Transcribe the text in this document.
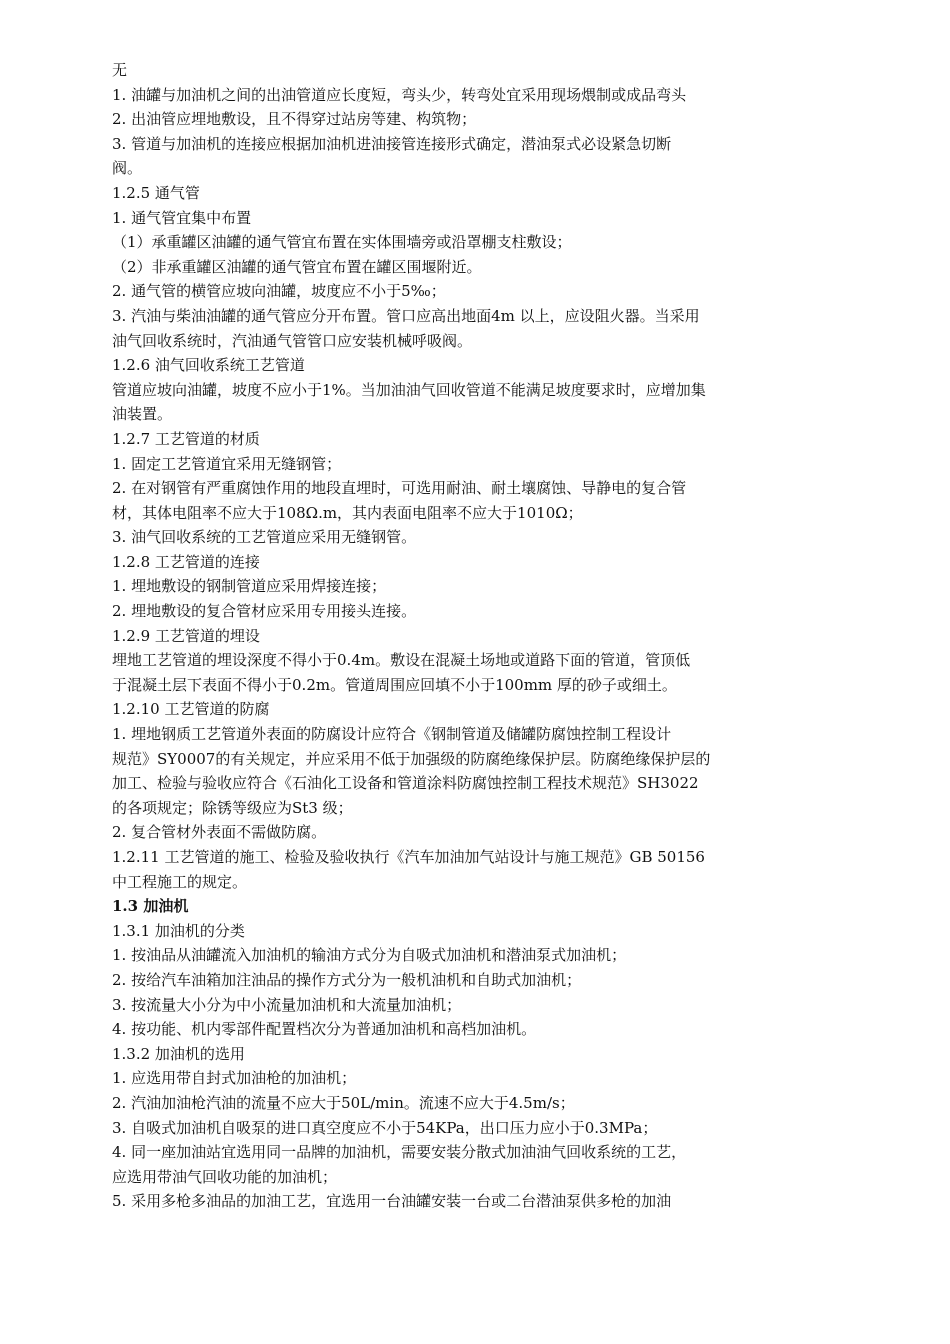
无
1. 油罐与加油机之间的出油管道应长度短，弯头少，转弯处宜采用现场煨制或成品弯头
2. 出油管应埋地敷设，且不得穿过站房等建、构筑物；
3. 管道与加油机的连接应根据加油机进油接管连接形式确定，潜油泵式必设紧急切断
阀。
1.2.5 通气管
1. 通气管宜集中布置
（1）承重罐区油罐的通气管宜布置在实体围墙旁或沿罩棚支柱敷设；
（2）非承重罐区油罐的通气管宜布置在罐区围堰附近。
2. 通气管的横管应坡向油罐，坡度应不小于5‰；
3. 汽油与柴油油罐的通气管应分开布置。管口应高出地面4m 以上，应设阻火器。当采用
油气回收系统时，汽油通气管管口应安装机械呼吸阀。
1.2.6 油气回收系统工艺管道
管道应坡向油罐，坡度不应小于1%。当加油油气回收管道不能满足坡度要求时，应增加集
油装置。
1.2.7 工艺管道的材质
1. 固定工艺管道宜采用无缝钢管；
2. 在对钢管有严重腐蚀作用的地段直埋时，可选用耐油、耐土壤腐蚀、导静电的复合管
材，其体电阻率不应大于108Ω.m，其内表面电阻率不应大于1010Ω；
3. 油气回收系统的工艺管道应采用无缝钢管。
1.2.8 工艺管道的连接
1. 埋地敷设的钢制管道应采用焊接连接；
2. 埋地敷设的复合管材应采用专用接头连接。
1.2.9 工艺管道的埋设
埋地工艺管道的埋设深度不得小于0.4m。敷设在混凝土场地或道路下面的管道，管顶低
于混凝土层下表面不得小于0.2m。管道周围应回填不小于100mm 厚的砂子或细土。
1.2.10 工艺管道的防腐
1. 埋地钢质工艺管道外表面的防腐设计应符合《钢制管道及储罐防腐蚀控制工程设计
规范》SY0007的有关规定，并应采用不低于加强级的防腐绝缘保护层。防腐绝缘保护层的
加工、检验与验收应符合《石油化工设备和管道涂料防腐蚀控制工程技术规范》SH3022
的各项规定；除锈等级应为St3 级；
2. 复合管材外表面不需做防腐。
1.2.11 工艺管道的施工、检验及验收执行《汽车加油加气站设计与施工规范》GB 50156
中工程施工的规定。
1.3 加油机
1.3.1 加油机的分类
1. 按油品从油罐流入加油机的输油方式分为自吸式加油机和潜油泵式加油机；
2. 按给汽车油箱加注油品的操作方式分为一般机油机和自助式加油机；
3. 按流量大小分为中小流量加油机和大流量加油机；
4. 按功能、机内零部件配置档次分为普通加油机和高档加油机。
1.3.2 加油机的选用
1. 应选用带自封式加油枪的加油机；
2. 汽油加油枪汽油的流量不应大于50L/min。流速不应大于4.5m/s；
3. 自吸式加油机自吸泵的进口真空度应不小于54KPa，出口压力应小于0.3MPa；
4. 同一座加油站宜选用同一品牌的加油机，需要安装分散式加油油气回收系统的工艺，
应选用带油气回收功能的加油机；
5. 采用多枪多油品的加油工艺，宜选用一台油罐安装一台或二台潜油泵供多枪的加油
